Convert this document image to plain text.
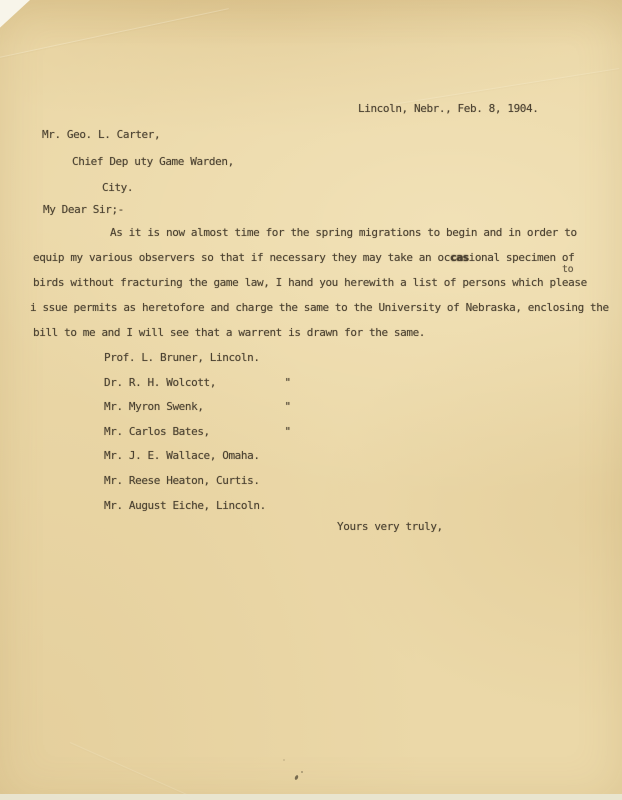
Lincoln, Nebr., Feb. 8, 1904.
Mr. Geo. L. Carter,
Chief Dep uty Game Warden,
City.
My Dear Sir;-
As it is now almost time for the spring migrations to begin and in order to
equip my various observers so that if necessary they may take an occasional specimen of
to
birds without fracturing the game law, I hand you herewith a list of persons which please
i ssue permits as heretofore and charge the same to the University of Nebraska, enclosing the
bill to me and I will see that a warrent is drawn for the same.
Prof. L. Bruner, Lincoln.
Dr. R. H. Wolcott,           "
Mr. Myron Swenk,             "
Mr. Carlos Bates,            "
Mr. J. E. Wallace, Omaha.
Mr. Reese Heaton, Curtis.
Mr. August Eiche, Lincoln.
Yours very truly,
